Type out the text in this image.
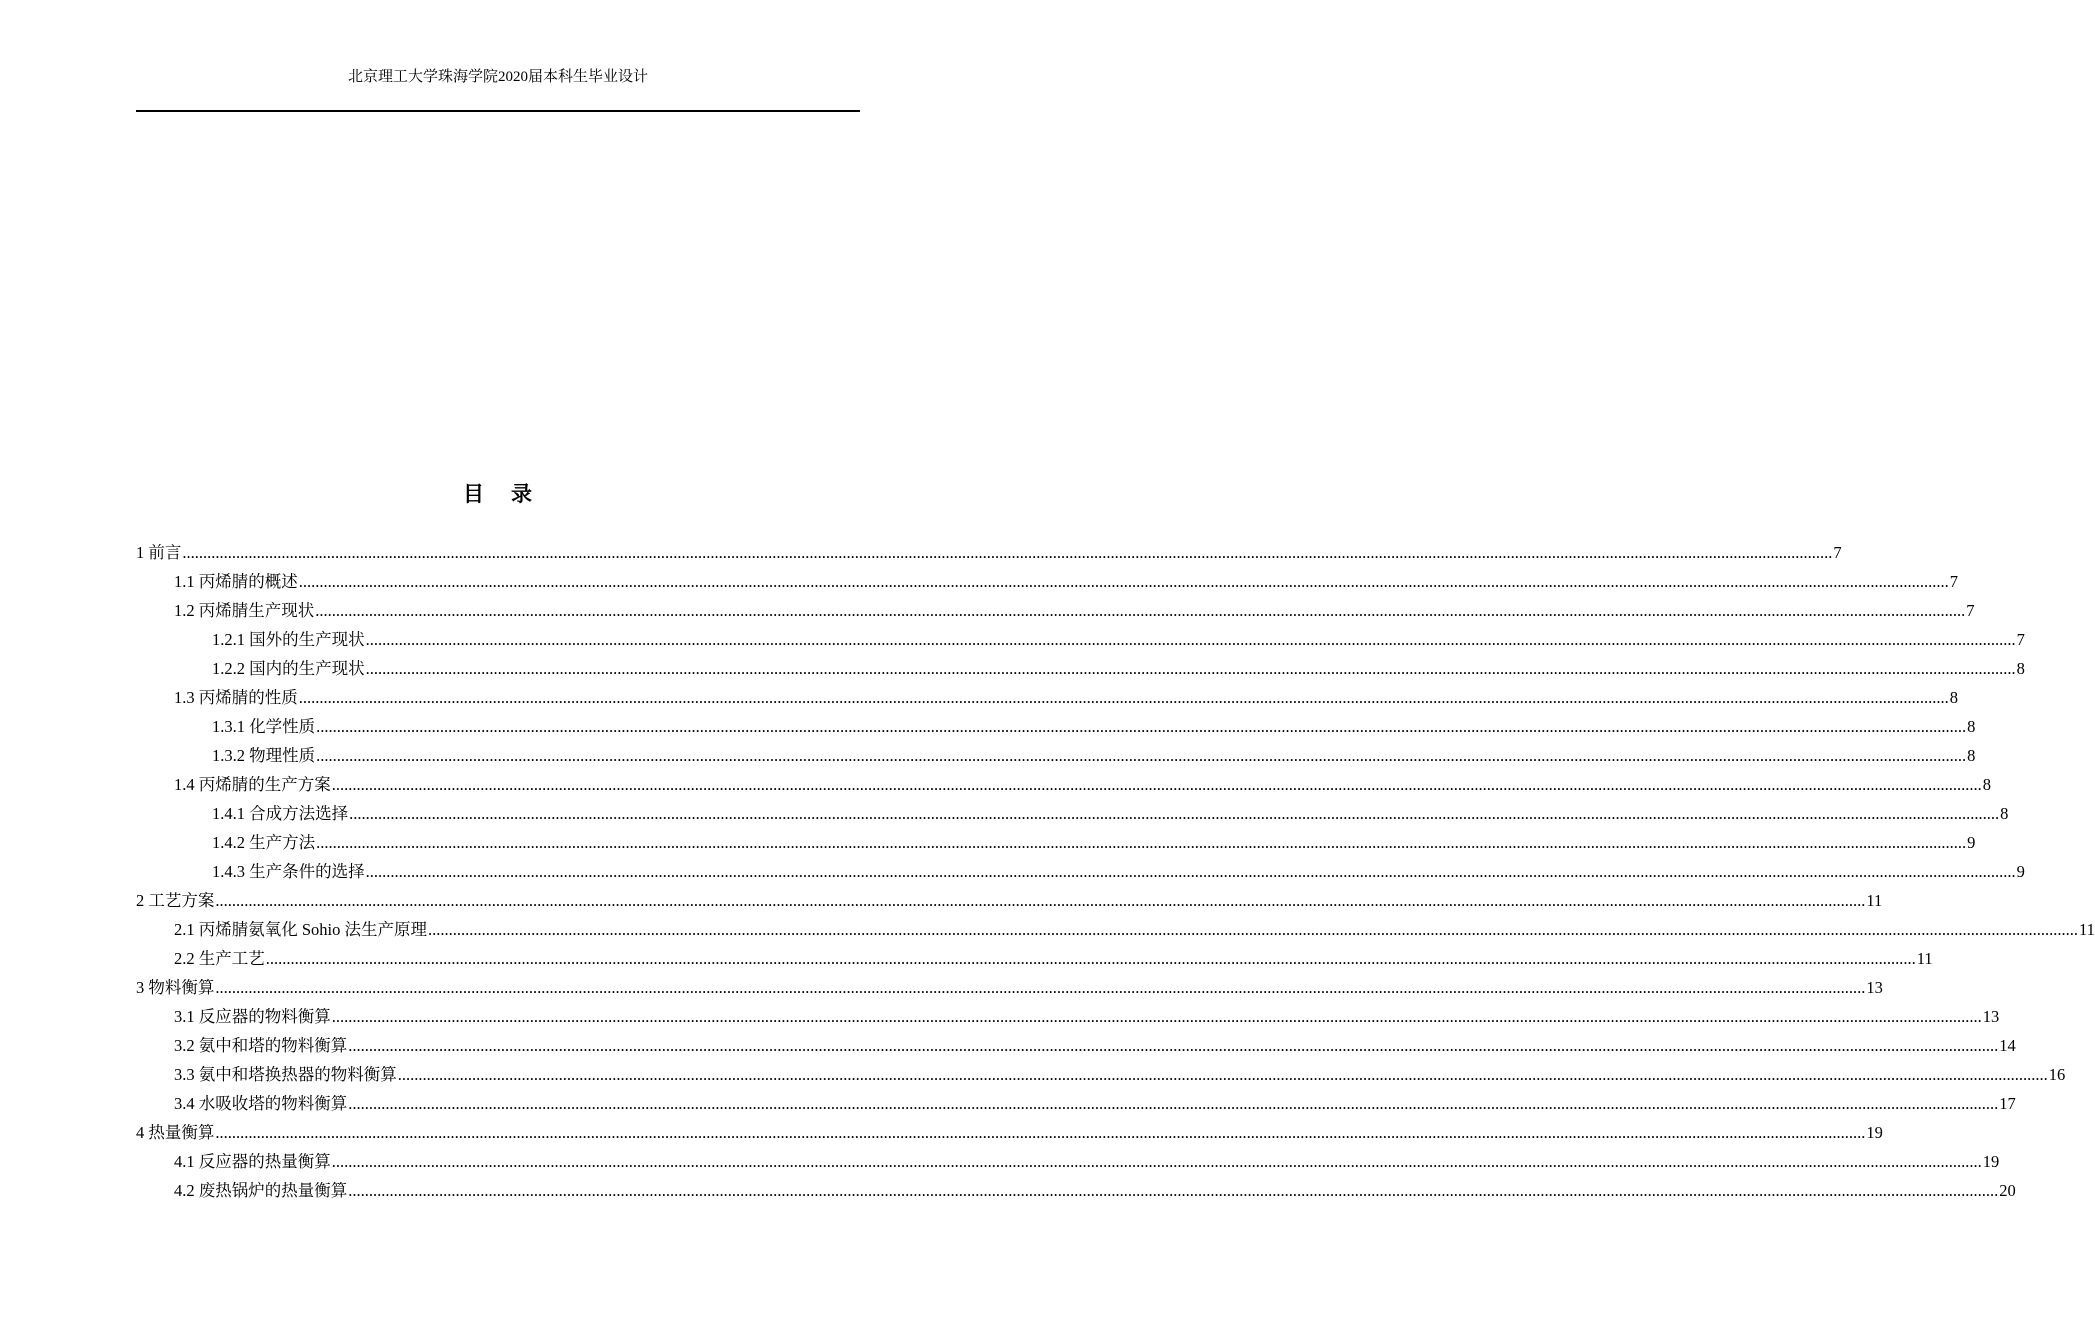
北京理工大学珠海学院2020届本科生毕业设计
目 录
1 前言 ................................................................................................................................................................................................................................................................................................................................................................................................................ 7
1.1 丙烯腈的概述 ................................................................................................................................................................................................................................................................................................................................................................................................................ 7
1.2 丙烯腈生产现状 ................................................................................................................................................................................................................................................................................................................................................................................................................ 7
1.2.1 国外的生产现状 ................................................................................................................................................................................................................................................................................................................................................................................................................ 7
1.2.2 国内的生产现状 ................................................................................................................................................................................................................................................................................................................................................................................................................ 8
1.3 丙烯腈的性质 ................................................................................................................................................................................................................................................................................................................................................................................................................ 8
1.3.1 化学性质 ................................................................................................................................................................................................................................................................................................................................................................................................................ 8
1.3.2 物理性质 ................................................................................................................................................................................................................................................................................................................................................................................................................ 8
1.4 丙烯腈的生产方案 ................................................................................................................................................................................................................................................................................................................................................................................................................ 8
1.4.1 合成方法选择 ................................................................................................................................................................................................................................................................................................................................................................................................................ 8
1.4.2 生产方法 ................................................................................................................................................................................................................................................................................................................................................................................................................ 9
1.4.3 生产条件的选择 ................................................................................................................................................................................................................................................................................................................................................................................................................ 9
2 工艺方案 ................................................................................................................................................................................................................................................................................................................................................................................................................ 11
2.1 丙烯腈氨氧化 Sohio 法生产原理 ................................................................................................................................................................................................................................................................................................................................................................................................................ 11
2.2 生产工艺 ................................................................................................................................................................................................................................................................................................................................................................................................................ 11
3 物料衡算 ................................................................................................................................................................................................................................................................................................................................................................................................................ 13
3.1 反应器的物料衡算 ................................................................................................................................................................................................................................................................................................................................................................................................................ 13
3.2 氨中和塔的物料衡算 ................................................................................................................................................................................................................................................................................................................................................................................................................ 14
3.3 氨中和塔换热器的物料衡算 ................................................................................................................................................................................................................................................................................................................................................................................................................ 16
3.4 水吸收塔的物料衡算 ................................................................................................................................................................................................................................................................................................................................................................................................................ 17
4 热量衡算 ................................................................................................................................................................................................................................................................................................................................................................................................................ 19
4.1 反应器的热量衡算 ................................................................................................................................................................................................................................................................................................................................................................................................................ 19
4.2 废热锅炉的热量衡算 ................................................................................................................................................................................................................................................................................................................................................................................................................ 20
